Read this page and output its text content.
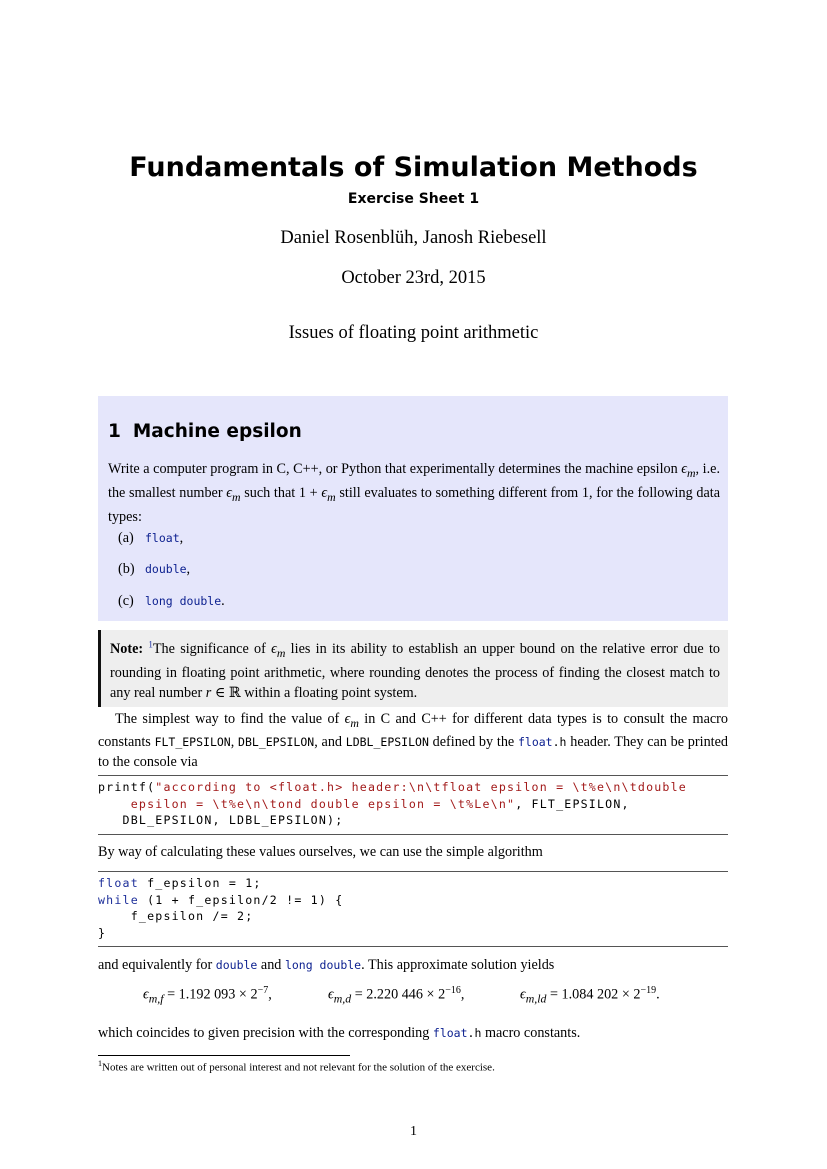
Fundamentals of Simulation Methods
Exercise Sheet 1
Daniel Rosenblüh, Janosh Riebesell
October 23rd, 2015
Issues of floating point arithmetic
1 Machine epsilon
Write a computer program in C, C++, or Python that experimentally determines the machine epsilon $\epsilon_m$, i.e. the smallest number $\epsilon_m$ such that $1 + \epsilon_m$ still evaluates to something different from 1, for the following data types:
(a) float,
(b) double,
(c) long double.
Note: $^1$The significance of $\epsilon_m$ lies in its ability to establish an upper bound on the relative error due to rounding in floating point arithmetic, where rounding denotes the process of finding the closest match to any real number r ∈ ℝ within a floating point system.
The simplest way to find the value of $\epsilon_m$ in C and C++ for different data types is to consult the macro constants FLT_EPSILON, DBL_EPSILON, and LDBL_EPSILON defined by the float.h header. They can be printed to the console via
printf("according to <float.h> header:\n\tfloat epsilon = \t%e\n\tdouble
epsilon = \t%e\n\tond double epsilon = \t%Le\n", FLT_EPSILON,
DBL_EPSILON, LDBL_EPSILON);
By way of calculating these values ourselves, we can use the simple algorithm
float f_epsilon = 1;
while (1 + f_epsilon/2 != 1) {
f_epsilon /= 2;
}
and equivalently for double and long double. This approximate solution yields
$\epsilon_{m,f} = 1.192$ $093 \times 2^{-7}$,	$\epsilon_{m,d} = 2.220$ $446 \times 2^{-16}$,	$\epsilon_{m,ld} = 1.084$ $202 \times 2^{-19}$.
which coincides to given precision with the corresponding float.h macro constants.
$^1$Notes are written out of personal interest and not relevant for the solution of the exercise.
1
